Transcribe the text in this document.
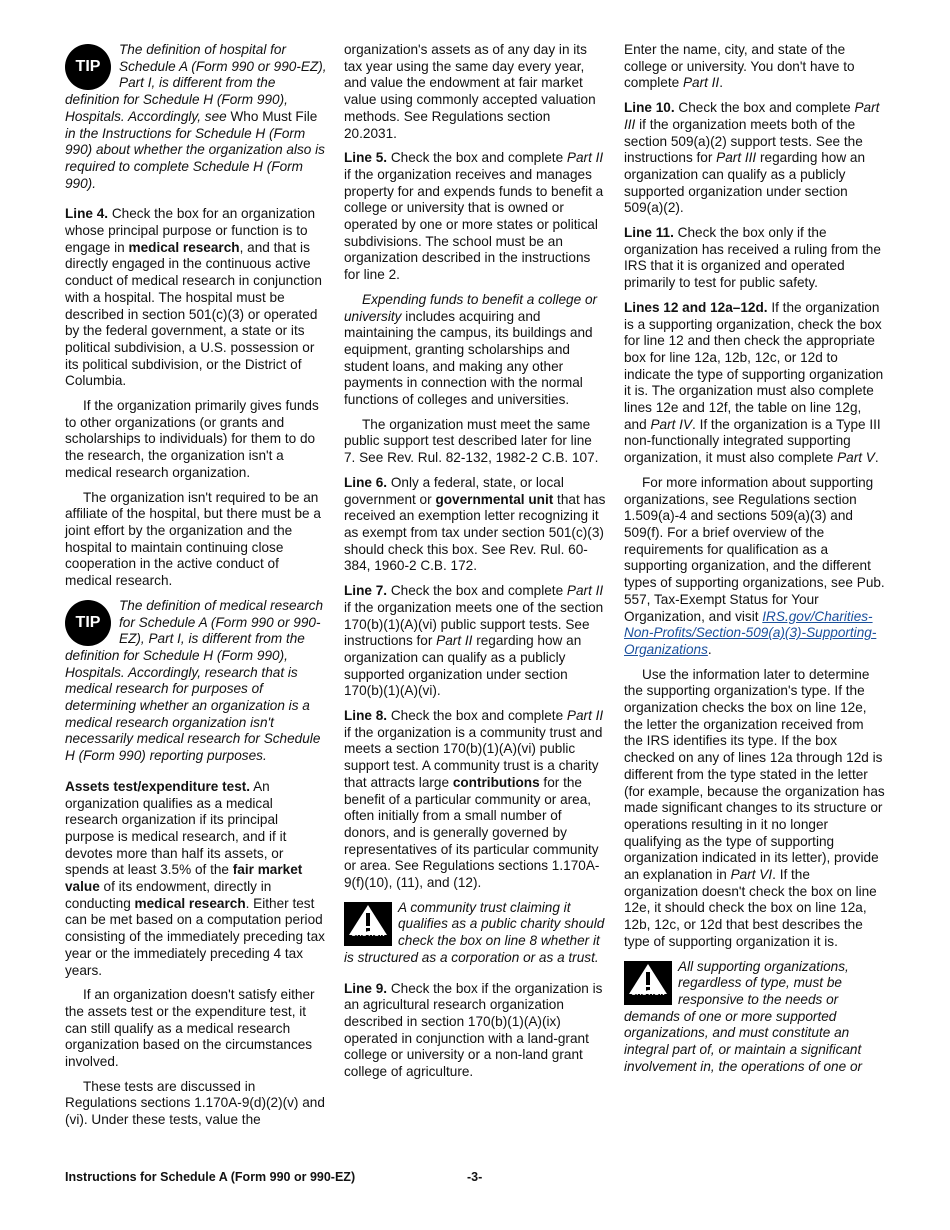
TIP
The definition of hospital for Schedule A (Form 990 or 990-EZ), Part I, is different from the definition for Schedule H (Form 990), Hospitals. Accordingly, see Who Must File in the Instructions for Schedule H (Form 990) about whether the organization also is required to complete Schedule H (Form 990).

Line 4. Check the box for an organization whose principal purpose or function is to engage in medical research, and that is directly engaged in the continuous active conduct of medical research in conjunction with a hospital. The hospital must be described in section 501(c)(3) or operated by the federal government, a state or its political subdivision, a U.S. possession or its political subdivision, or the District of Columbia.

If the organization primarily gives funds to other organizations (or grants and scholarships to individuals) for them to do the research, the organization isn't a medical research organization.

The organization isn't required to be an affiliate of the hospital, but there must be a joint effort by the organization and the hospital to maintain continuing close cooperation in the active conduct of medical research.

TIP
The definition of medical research for Schedule A (Form 990 or 990-EZ), Part I, is different from the definition for Schedule H (Form 990), Hospitals. Accordingly, research that is medical research for purposes of determining whether an organization is a medical research organization isn't necessarily medical research for Schedule H (Form 990) reporting purposes.

Assets test/expenditure test. An organization qualifies as a medical research organization if its principal purpose is medical research, and if it devotes more than half its assets, or spends at least 3.5% of the fair market value of its endowment, directly in conducting medical research. Either test can be met based on a computation period consisting of the immediately preceding tax year or the immediately preceding 4 tax years.

If an organization doesn't satisfy either the assets test or the expenditure test, it can still qualify as a medical research organization based on the circumstances involved.

These tests are discussed in Regulations sections 1.170A-9(d)(2)(v) and (vi). Under these tests, value the

organization's assets as of any day in its tax year using the same day every year, and value the endowment at fair market value using commonly accepted valuation methods. See Regulations section 20.2031.

Line 5. Check the box and complete Part II if the organization receives and manages property for and expends funds to benefit a college or university that is owned or operated by one or more states or political subdivisions. The school must be an organization described in the instructions for line 2.

Expending funds to benefit a college or university includes acquiring and maintaining the campus, its buildings and equipment, granting scholarships and student loans, and making any other payments in connection with the normal functions of colleges and universities.

The organization must meet the same public support test described later for line 7. See Rev. Rul. 82-132, 1982-2 C.B. 107.

Line 6. Only a federal, state, or local government or governmental unit that has received an exemption letter recognizing it as exempt from tax under section 501(c)(3) should check this box. See Rev. Rul. 60-384, 1960-2 C.B. 172.

Line 7. Check the box and complete Part II if the organization meets one of the section 170(b)(1)(A)(vi) public support tests. See instructions for Part II regarding how an organization can qualify as a publicly supported organization under section 170(b)(1)(A)(vi).

Line 8. Check the box and complete Part II if the organization is a community trust and meets a section 170(b)(1)(A)(vi) public support test. A community trust is a charity that attracts large contributions for the benefit of a particular community or area, often initially from a small number of donors, and is generally governed by representatives of its particular community or area. See Regulations sections 1.170A-9(f)(10), (11), and (12).

CAUTION
A community trust claiming it qualifies as a public charity should check the box on line 8 whether it is structured as a corporation or as a trust.

Line 9. Check the box if the organization is an agricultural research organization described in section 170(b)(1)(A)(ix) operated in conjunction with a land-grant college or university or a non-land grant college of agriculture.

Enter the name, city, and state of the college or university. You don't have to complete Part II.

Line 10. Check the box and complete Part III if the organization meets both of the section 509(a)(2) support tests. See the instructions for Part III regarding how an organization can qualify as a publicly supported organization under section 509(a)(2).

Line 11. Check the box only if the organization has received a ruling from the IRS that it is organized and operated primarily to test for public safety.

Lines 12 and 12a–12d. If the organization is a supporting organization, check the box for line 12 and then check the appropriate box for line 12a, 12b, 12c, or 12d to indicate the type of supporting organization it is. The organization must also complete lines 12e and 12f, the table on line 12g, and Part IV. If the organization is a Type III non-functionally integrated supporting organization, it must also complete Part V.

For more information about supporting organizations, see Regulations section 1.509(a)-4 and sections 509(a)(3) and 509(f). For a brief overview of the requirements for qualification as a supporting organization, and the different types of supporting organizations, see Pub. 557, Tax-Exempt Status for Your Organization, and visit IRS.gov/Charities-Non-Profits/Section-509(a)(3)-Supporting-Organizations.

Use the information later to determine the supporting organization's type. If the organization checks the box on line 12e, the letter the organization received from the IRS identifies its type. If the box checked on any of lines 12a through 12d is different from the type stated in the letter (for example, because the organization has made significant changes to its structure or operations resulting in it no longer qualifying as the type of supporting organization indicated in its letter), provide an explanation in Part VI. If the organization doesn't check the box on line 12e, it should check the box on line 12a, 12b, 12c, or 12d that best describes the type of supporting organization it is.

CAUTION
All supporting organizations, regardless of type, must be responsive to the needs or demands of one or more supported organizations, and must constitute an integral part of, or maintain a significant involvement in, the operations of one or
Instructions for Schedule A (Form 990 or 990-EZ)	-3-
